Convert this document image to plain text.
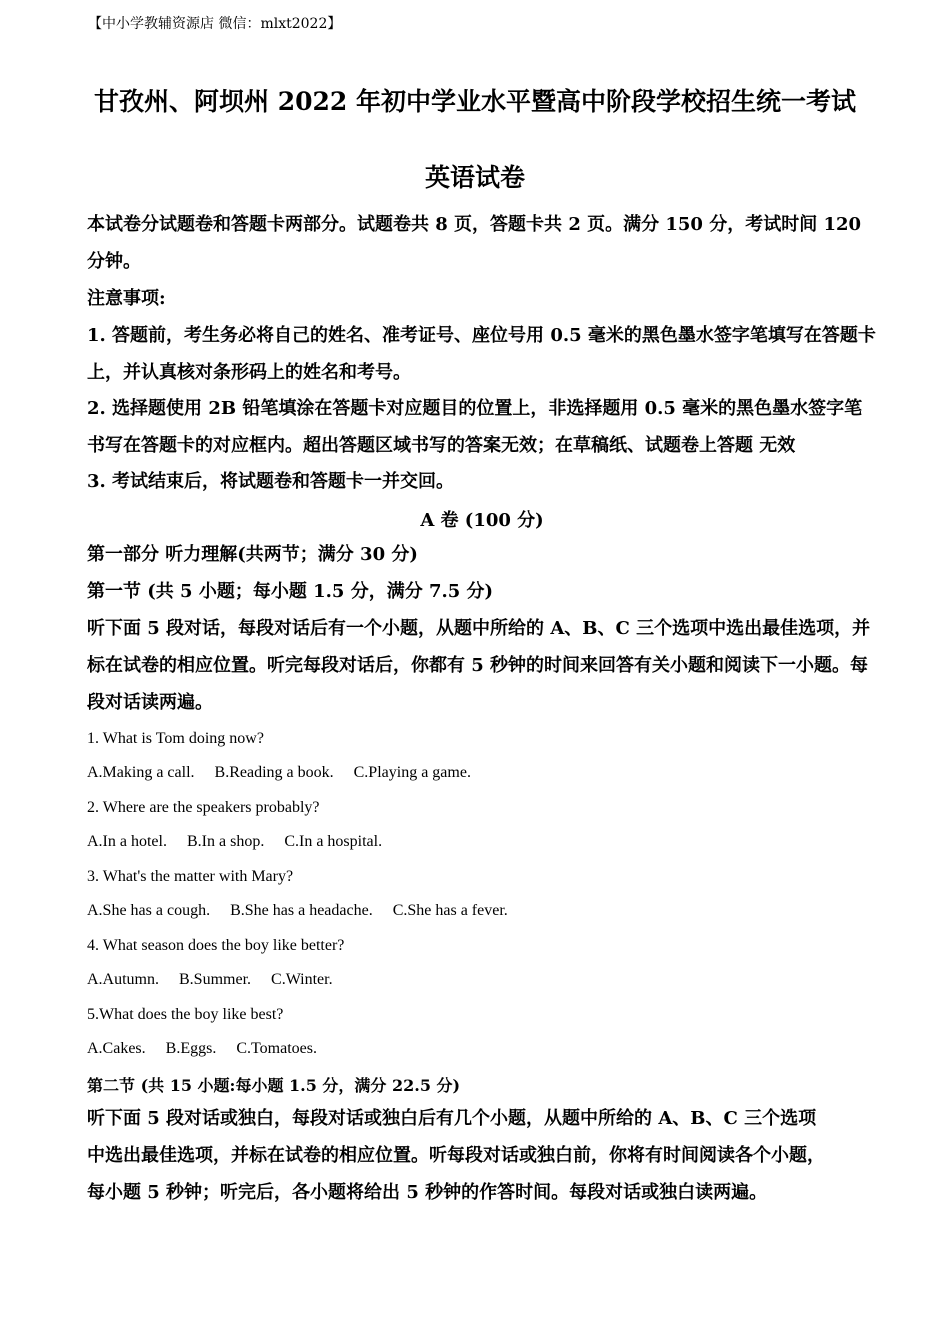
【中小学教辅资源店 微信：mlxt2022】
甘孜州、阿坝州 2022 年初中学业水平暨高中阶段学校招生统一考试
英语试卷
本试卷分试题卷和答题卡两部分。试题卷共 8 页，答题卡共 2 页。满分 150 分，考试时间 120 分钟。
注意事项:
1. 答题前，考生务必将自己的姓名、准考证号、座位号用 0.5 毫米的黑色墨水签字笔填写在答题卡上，并认真核对条形码上的姓名和考号。
2. 选择题使用 2B 铅笔填涂在答题卡对应题目的位置上，非选择题用 0.5 毫米的黑色墨水签字笔书写在答题卡的对应框内。超出答题区域书写的答案无效；在草稿纸、试题卷上答题 无效
3. 考试结束后，将试题卷和答题卡一并交回。
A 卷 (100 分)
第一部分 听力理解(共两节；满分 30 分)
第一节 (共 5 小题；每小题 1.5 分，满分 7.5 分)
听下面 5 段对话，每段对话后有一个小题，从题中所给的 A、B、C 三个选项中选出最佳选项，并标在试卷的相应位置。听完每段对话后，你都有 5 秒钟的时间来回答有关小题和阅读下一小题。每段对话读两遍。
1. What is Tom doing now?
A.Making a call. B.Reading a book. C.Playing a game.
2. Where are the speakers probably?
A.In a hotel. B.In a shop. C.In a hospital.
3. What's the matter with Mary?
A.She has a cough. B.She has a headache. C.She has a fever.
4. What season does the boy like better?
A.Autumn. B.Summer. C.Winter.
5.What does the boy like best?
A.Cakes. B.Eggs. C.Tomatoes.
第二节 (共 15 小题:每小题 1.5 分，满分 22.5 分)
听下面 5 段对话或独白，每段对话或独白后有几个小题，从题中所给的 A、B、C 三个选项
中选出最佳选项，并标在试卷的相应位置。听每段对话或独白前，你将有时间阅读各个小题，
每小题 5 秒钟；听完后，各小题将给出 5 秒钟的作答时间。每段对话或独白读两遍。
